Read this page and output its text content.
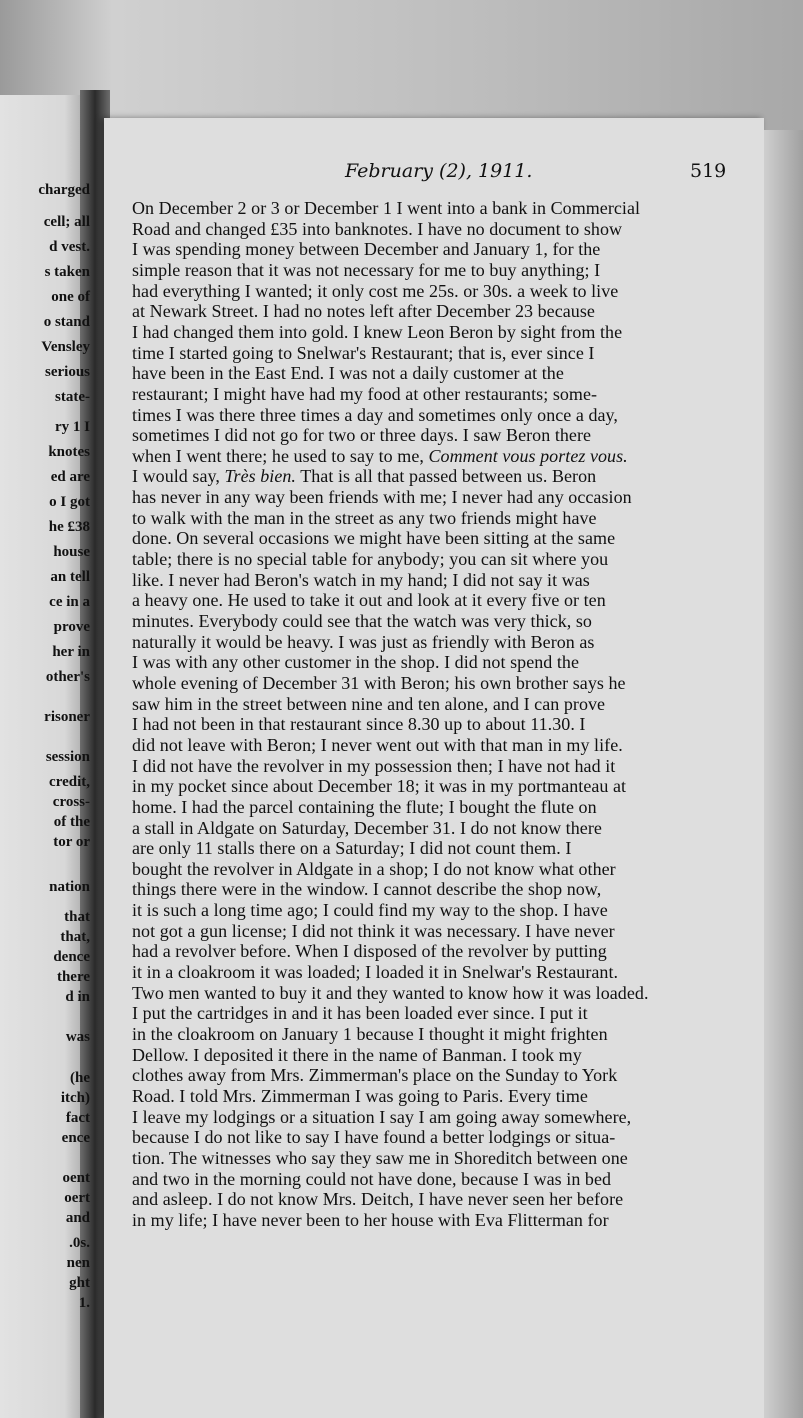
February (2), 1911.	519
charged
cell; all
d vest.
s taken
one of
o stand
Vensley
serious
state-
ry 1 I
knotes
ed are
o I got
he £38
house
an tell
ce in a
prove
her in
other's
risoner
session
credit,
cross-
of the
tor or
nation
that
that,
dence
there
d in
was
(he
itch)
fact
ence
oent
oert
and
.0s.
nen
ght
1.
On December 2 or 3 or December 1 I went into a bank in Commercial
Road and changed £35 into banknotes. I have no document to show
I was spending money between December and January 1, for the
simple reason that it was not necessary for me to buy anything; I
had everything I wanted; it only cost me 25s. or 30s. a week to live
at Newark Street. I had no notes left after December 23 because
I had changed them into gold. I knew Leon Beron by sight from the
time I started going to Snelwar's Restaurant; that is, ever since I
have been in the East End. I was not a daily customer at the
restaurant; I might have had my food at other restaurants; some-
times I was there three times a day and sometimes only once a day,
sometimes I did not go for two or three days. I saw Beron there
when I went there; he used to say to me, Comment vous portez vous.
I would say, Très bien. That is all that passed between us. Beron
has never in any way been friends with me; I never had any occasion
to walk with the man in the street as any two friends might have
done. On several occasions we might have been sitting at the same
table; there is no special table for anybody; you can sit where you
like. I never had Beron's watch in my hand; I did not say it was
a heavy one. He used to take it out and look at it every five or ten
minutes. Everybody could see that the watch was very thick, so
naturally it would be heavy. I was just as friendly with Beron as
I was with any other customer in the shop. I did not spend the
whole evening of December 31 with Beron; his own brother says he
saw him in the street between nine and ten alone, and I can prove
I had not been in that restaurant since 8.30 up to about 11.30. I
did not leave with Beron; I never went out with that man in my life.
I did not have the revolver in my possession then; I have not had it
in my pocket since about December 18; it was in my portmanteau at
home. I had the parcel containing the flute; I bought the flute on
a stall in Aldgate on Saturday, December 31. I do not know there
are only 11 stalls there on a Saturday; I did not count them. I
bought the revolver in Aldgate in a shop; I do not know what other
things there were in the window. I cannot describe the shop now,
it is such a long time ago; I could find my way to the shop. I have
not got a gun license; I did not think it was necessary. I have never
had a revolver before. When I disposed of the revolver by putting
it in a cloakroom it was loaded; I loaded it in Snelwar's Restaurant.
Two men wanted to buy it and they wanted to know how it was loaded.
I put the cartridges in and it has been loaded ever since. I put it
in the cloakroom on January 1 because I thought it might frighten
Dellow. I deposited it there in the name of Banman. I took my
clothes away from Mrs. Zimmerman's place on the Sunday to York
Road. I told Mrs. Zimmerman I was going to Paris. Every time
I leave my lodgings or a situation I say I am going away somewhere,
because I do not like to say I have found a better lodgings or situa-
tion. The witnesses who say they saw me in Shoreditch between one
and two in the morning could not have done, because I was in bed
and asleep. I do not know Mrs. Deitch, I have never seen her before
in my life; I have never been to her house with Eva Flitterman for
